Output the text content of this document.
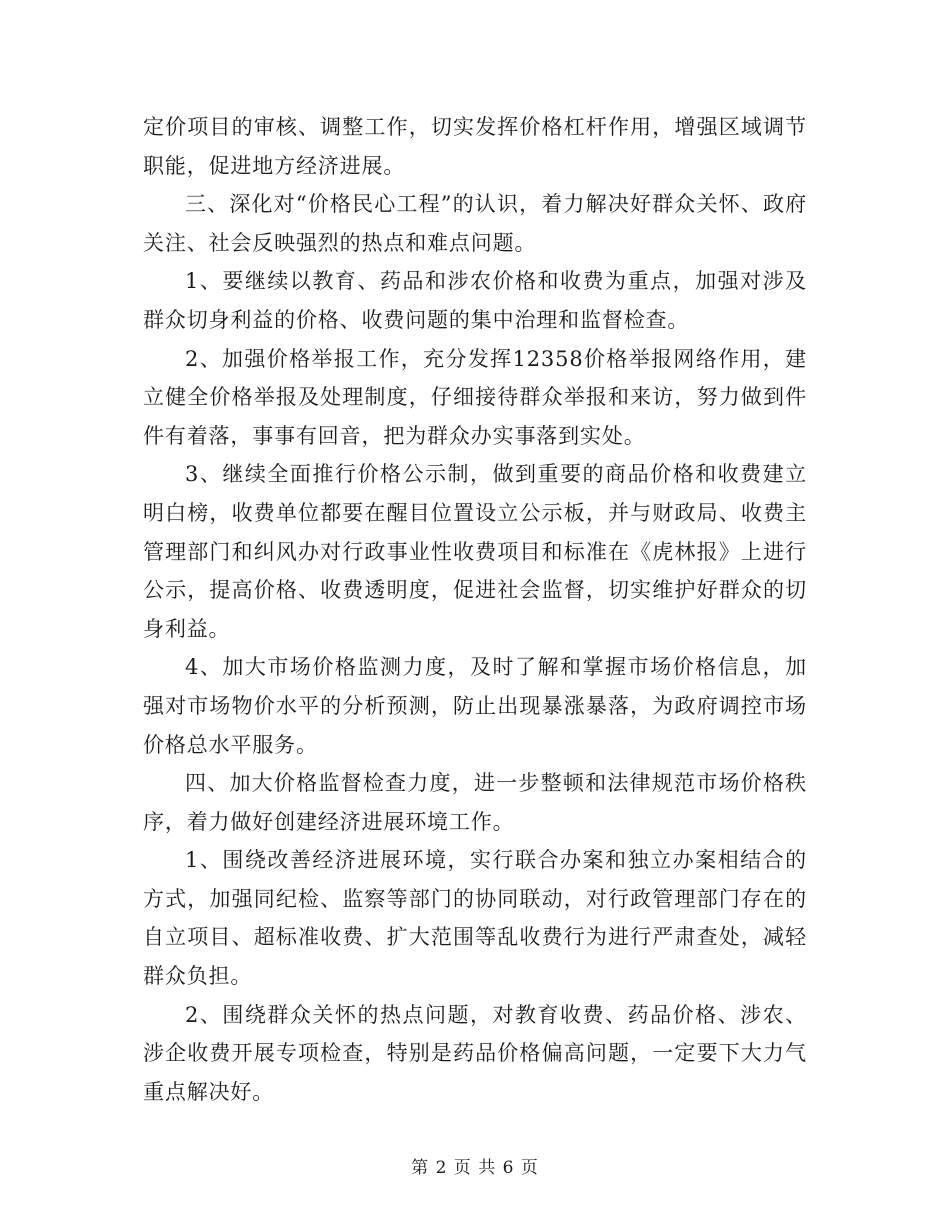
定价项目的审核、调整工作，切实发挥价格杠杆作用，增强区域调节职能，促进地方经济进展。

三、深化对“价格民心工程”的认识，着力解决好群众关怀、政府关注、社会反映强烈的热点和难点问题。

1、要继续以教育、药品和涉农价格和收费为重点，加强对涉及群众切身利益的价格、收费问题的集中治理和监督检查。

2、加强价格举报工作，充分发挥12358价格举报网络作用，建立健全价格举报及处理制度，仔细接待群众举报和来访，努力做到件件有着落，事事有回音，把为群众办实事落到实处。

3、继续全面推行价格公示制，做到重要的商品价格和收费建立明白榜，收费单位都要在醒目位置设立公示板，并与财政局、收费主管理部门和纠风办对行政事业性收费项目和标准在《虎林报》上进行公示，提高价格、收费透明度，促进社会监督，切实维护好群众的切身利益。

4、加大市场价格监测力度，及时了解和掌握市场价格信息，加强对市场物价水平的分析预测，防止出现暴涨暴落，为政府调控市场价格总水平服务。

四、加大价格监督检查力度，进一步整顿和法律规范市场价格秩序，着力做好创建经济进展环境工作。

1、围绕改善经济进展环境，实行联合办案和独立办案相结合的方式，加强同纪检、监察等部门的协同联动，对行政管理部门存在的自立项目、超标准收费、扩大范围等乱收费行为进行严肃查处，减轻群众负担。

2、围绕群众关怀的热点问题，对教育收费、药品价格、涉农、涉企收费开展专项检查，特别是药品价格偏高问题，一定要下大力气重点解决好。

第 2 页 共 6 页
